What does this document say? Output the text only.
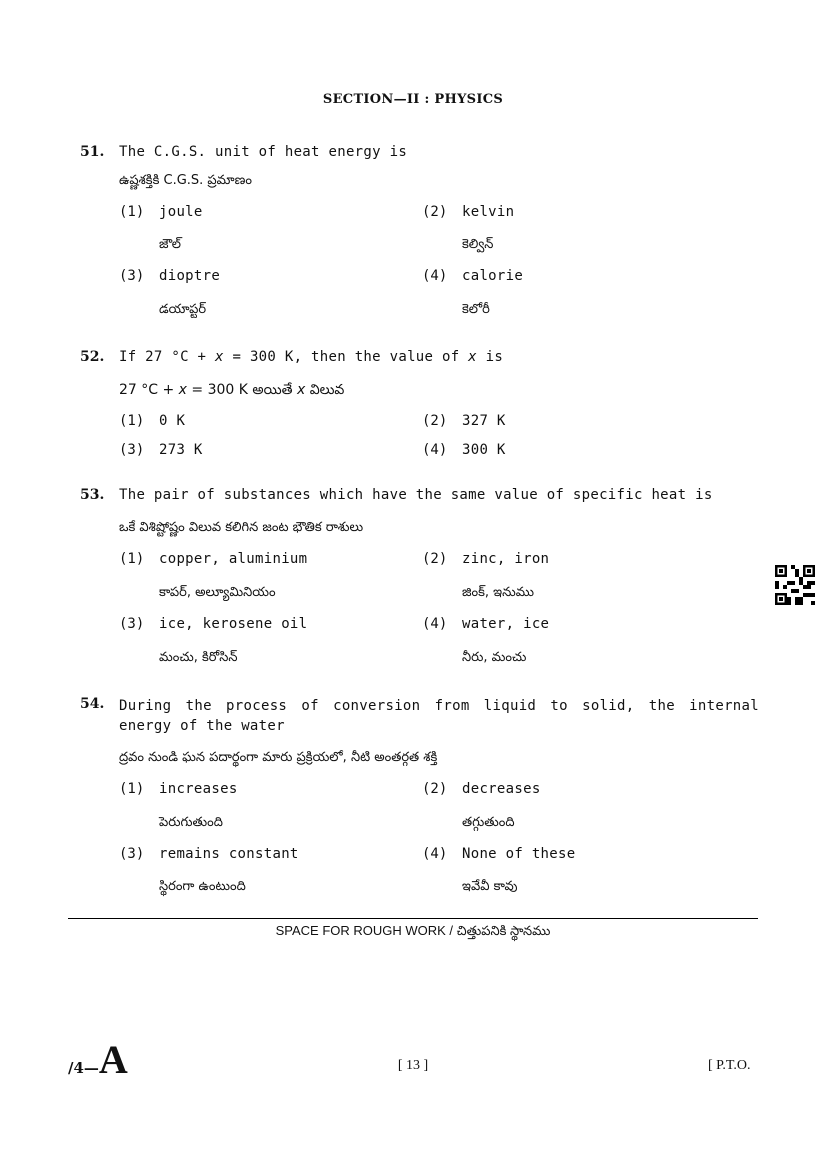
SECTION—II : PHYSICS
51. The C.G.S. unit of heat energy is
ఉష్ణశక్తికి C.G.S. ప్రమాణం
(1) joule
జౌల్
(2) kelvin
కెల్విన్
(3) dioptre
డయాప్టర్
(4) calorie
కెలోరీ
52. If 27 °C + x = 300 K, then the value of x is
27 °C + x = 300 K అయితే x విలువ
(1) 0 K	(2) 327 K
(3) 273 K	(4) 300 K
53. The pair of substances which have the same value of specific heat is
ఒకే విశిష్టోష్ణం విలువ కలిగిన జంట భౌతిక రాశులు
(1) copper, aluminium
కాపర్, అల్యూమినియం
(2) zinc, iron
జింక్, ఇనుము
(3) ice, kerosene oil
మంచు, కిరోసిన్
(4) water, ice
నీరు, మంచు
54. During the process of conversion from liquid to solid, the internal energy of the water
ద్రవం నుండి ఘన పదార్థంగా మారు ప్రక్రియలో, నీటి అంతర్గత శక్తి
(1) increases
పెరుగుతుంది
(2) decreases
తగ్గుతుంది
(3) remains constant
స్థిరంగా ఉంటుంది
(4) None of these
ఇవేవీ కావు
SPACE FOR ROUGH WORK / చిత్తుపనికి స్థానము
/4—A	[ 13 ]	[ P.T.O.
